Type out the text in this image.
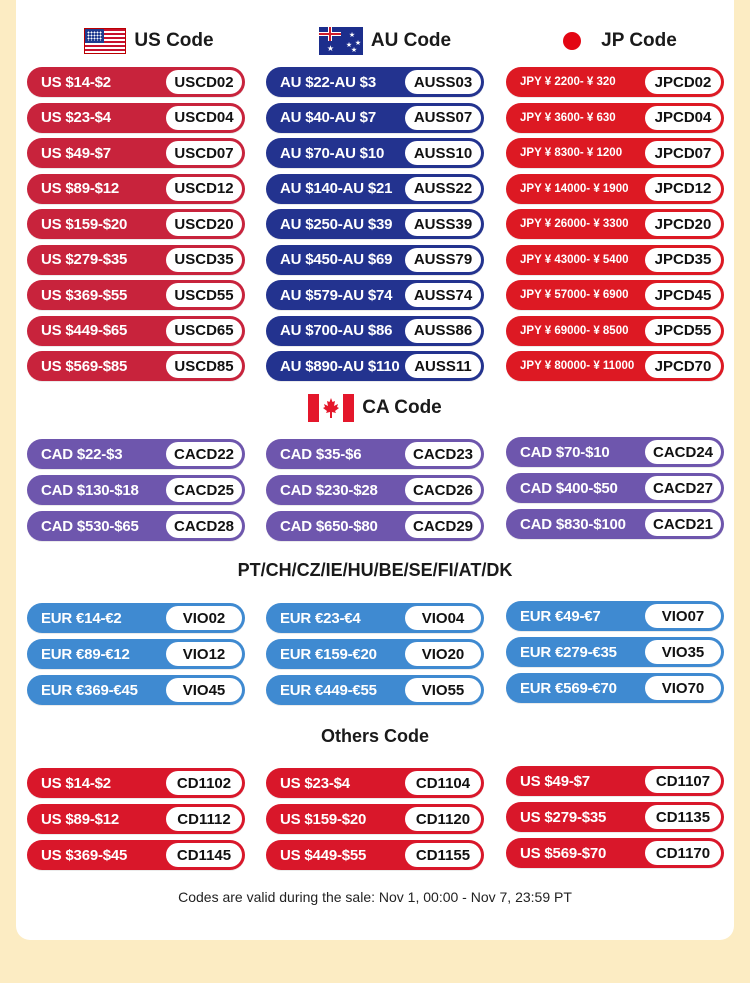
US Code	★
★
★
★
★ AU Code	JP Code
US $14-$2	USCD02
US $23-$4	USCD04
US $49-$7	USCD07
US $89-$12	USCD12
US $159-$20	USCD20
US $279-$35	USCD35
US $369-$55	USCD55
US $449-$65	USCD65
US $569-$85	USCD85
AU $22-AU $3	AUSS03
AU $40-AU $7	AUSS07
AU $70-AU $10	AUSS10
AU $140-AU $21	AUSS22
AU $250-AU $39	AUSS39
AU $450-AU $69	AUSS79
AU $579-AU $74	AUSS74
AU $700-AU $86	AUSS86
AU $890-AU $110 AUSS11
JPY ¥ 2200- ¥ 320	JPCD02
JPY ¥ 3600- ¥ 630	JPCD04
JPY ¥ 8300- ¥ 1200	JPCD07
JPY ¥ 14000- ¥ 1900	JPCD12
JPY ¥ 26000- ¥ 3300	JPCD20
JPY ¥ 43000- ¥ 5400	JPCD35
JPY ¥ 57000- ¥ 6900	JPCD45
JPY ¥ 69000- ¥ 8500	JPCD55
JPY ¥ 80000- ¥ 11000	JPCD70
CA Code
PT/CH/CZ/IE/HU/BE/SE/FI/AT/DK
Others Code
CAD $22-$3	CACD22	CAD $35-$6	CACD23	CAD $70-$10	CACD24
CAD $130-$18	CACD25	CAD $230-$28	CACD26	CAD $400-$50	CACD27
CAD $530-$65	CACD28	CAD $650-$80	CACD29	CAD $830-$100	CACD21
EUR €14-€2	VIO02	EUR €23-€4	VIO04	EUR €49-€7	VIO07
EUR €89-€12	VIO12	EUR €159-€20	VIO20	EUR €279-€35	VIO35
EUR €369-€45	VIO45	EUR €449-€55	VIO55	EUR €569-€70	VIO70
US $14-$2	CD1102	US $23-$4	CD1104	US $49-$7	CD1107
US $89-$12	CD1112	US $159-$20	CD1120	US $279-$35	CD1135
US $369-$45	CD1145	US $449-$55	CD1155	US $569-$70	CD1170
Codes are valid during the sale: Nov 1, 00:00 - Nov 7, 23:59 PT
